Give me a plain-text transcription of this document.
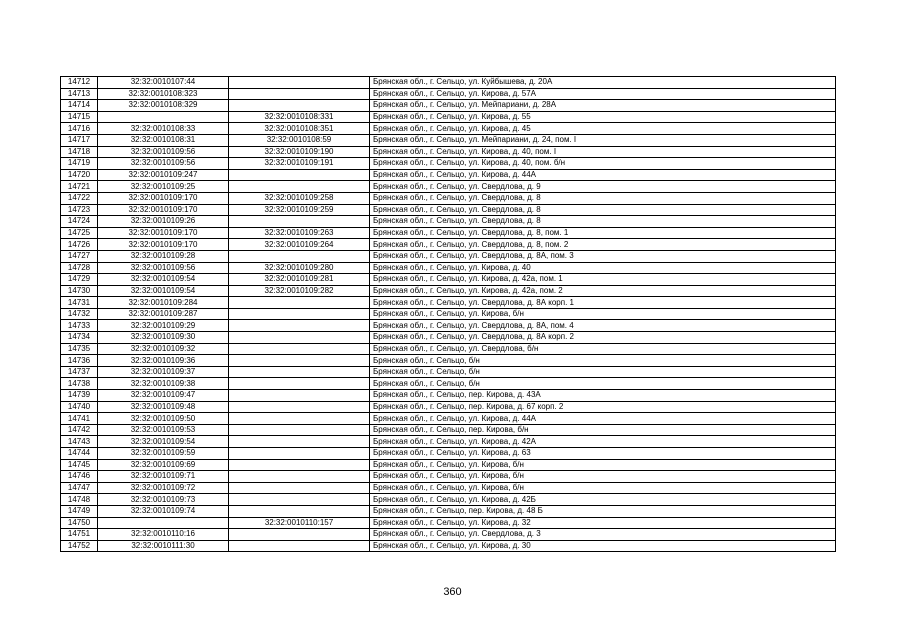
14712	32:32:0010107:44		Брянская обл., г. Сельцо, ул. Куйбышева, д. 20А
14713	32:32:0010108:323		Брянская обл., г. Сельцо, ул. Кирова, д. 57А
14714	32:32:0010108:329		Брянская обл., г. Сельцо, ул. Мейпариани, д. 28А
14715		32:32:0010108:331	Брянская обл., г. Сельцо, ул. Кирова, д. 55
14716	32:32:0010108:33	32:32:0010108:351	Брянская обл., г. Сельцо, ул. Кирова, д. 45
14717	32:32:0010108:31	32:32:0010108:59	Брянская обл., г. Сельцо, ул. Мейпариани, д. 24, пом. I
14718	32:32:0010109:56	32:32:0010109:190	Брянская обл., г. Сельцо, ул. Кирова, д. 40, пом. I
14719	32:32:0010109:56	32:32:0010109:191	Брянская обл., г. Сельцо, ул. Кирова, д. 40, пом. б/н
14720	32:32:0010109:247		Брянская обл., г. Сельцо, ул. Кирова, д. 44А
14721	32:32:0010109:25		Брянская обл., г. Сельцо, ул. Свердлова, д. 9
14722	32:32:0010109:170	32:32:0010109:258	Брянская обл., г. Сельцо, ул. Свердлова, д. 8
14723	32:32:0010109:170	32:32:0010109:259	Брянская обл., г. Сельцо, ул. Свердлова, д. 8
14724	32:32:0010109:26		Брянская обл., г. Сельцо, ул. Свердлова, д. 8
14725	32:32:0010109:170	32:32:0010109:263	Брянская обл., г. Сельцо, ул. Свердлова, д. 8, пом. 1
14726	32:32:0010109:170	32:32:0010109:264	Брянская обл., г. Сельцо, ул. Свердлова, д. 8, пом. 2
14727	32:32:0010109:28		Брянская обл., г. Сельцо, ул. Свердлова, д. 8А, пом. 3
14728	32:32:0010109:56	32:32:0010109:280	Брянская обл., г. Сельцо, ул. Кирова, д. 40
14729	32:32:0010109:54	32:32:0010109:281	Брянская обл., г. Сельцо, ул. Кирова, д. 42а, пом. 1
14730	32:32:0010109:54	32:32:0010109:282	Брянская обл., г. Сельцо, ул. Кирова, д. 42а, пом. 2
14731	32:32:0010109:284		Брянская обл., г. Сельцо, ул. Свердлова, д. 8А корп. 1
14732	32:32:0010109:287		Брянская обл., г. Сельцо, ул. Кирова, б/н
14733	32:32:0010109:29		Брянская обл., г. Сельцо, ул. Свердлова, д. 8А, пом. 4
14734	32:32:0010109:30		Брянская обл., г. Сельцо, ул. Свердлова, д. 8А корп. 2
14735	32:32:0010109:32		Брянская обл., г. Сельцо, ул. Свердлова, б/н
14736	32:32:0010109:36		Брянская обл., г. Сельцо, б/н
14737	32:32:0010109:37		Брянская обл., г. Сельцо, б/н
14738	32:32:0010109:38		Брянская обл., г. Сельцо, б/н
14739	32:32:0010109:47		Брянская обл., г. Сельцо, пер. Кирова, д. 43А
14740	32:32:0010109:48		Брянская обл., г. Сельцо, пер. Кирова, д. 67 корп. 2
14741	32:32:0010109:50		Брянская обл., г. Сельцо, ул. Кирова, д. 44А
14742	32:32:0010109:53		Брянская обл., г. Сельцо, пер. Кирова, б/н
14743	32:32:0010109:54		Брянская обл., г. Сельцо, ул. Кирова, д. 42А
14744	32:32:0010109:59		Брянская обл., г. Сельцо, ул. Кирова, д. 63
14745	32:32:0010109:69		Брянская обл., г. Сельцо, ул. Кирова, б/н
14746	32:32:0010109:71		Брянская обл., г. Сельцо, ул. Кирова, б/н
14747	32:32:0010109:72		Брянская обл., г. Сельцо, ул. Кирова, б/н
14748	32:32:0010109:73		Брянская обл., г. Сельцо, ул. Кирова, д. 42Б
14749	32:32:0010109:74		Брянская обл., г. Сельцо, пер. Кирова, д. 48 Б
14750		32:32:0010110:157	Брянская обл., г. Сельцо, ул. Кирова, д. 32
14751	32:32:0010110:16		Брянская обл., г. Сельцо, ул. Свердлова, д. 3
14752	32:32:0010111:30		Брянская обл., г. Сельцо, ул. Кирова, д. 30
360
